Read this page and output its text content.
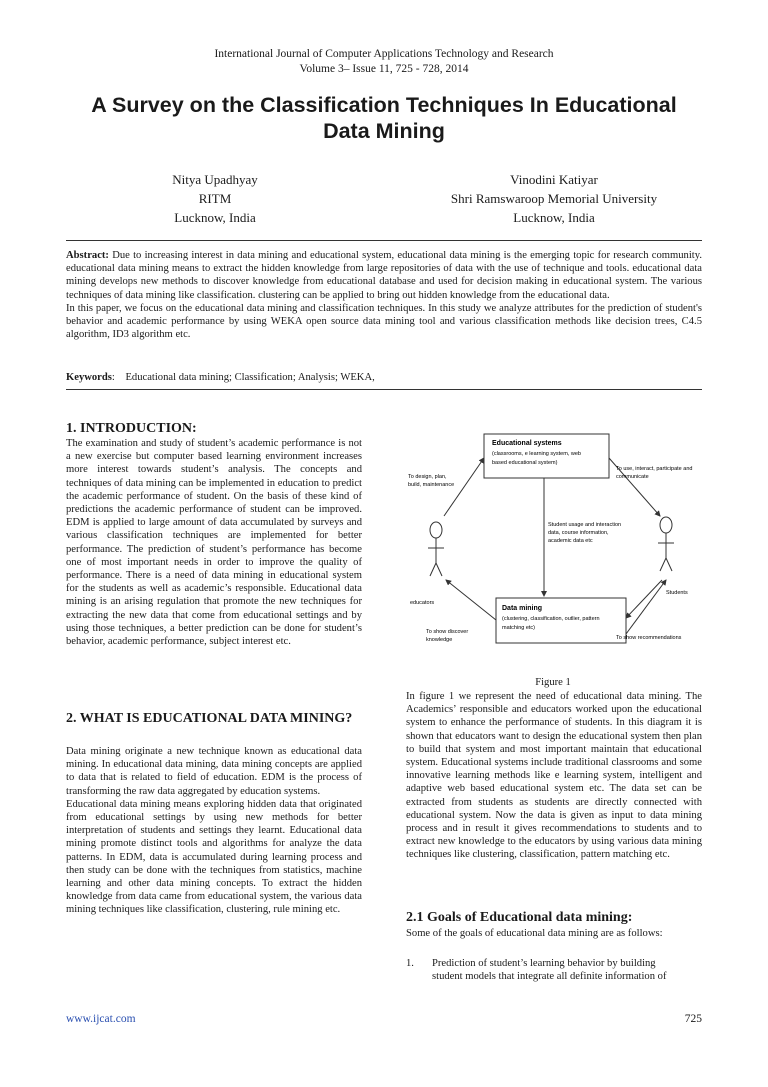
International Journal of Computer Applications Technology and Research
Volume 3– Issue 11, 725 - 728, 2014
A Survey on the Classification Techniques In Educational
Data Mining
Nitya Upadhyay
RITM
Lucknow, India
Vinodini Katiyar
Shri Ramswaroop Memorial University
Lucknow, India

Abstract: Due to increasing interest in data mining and educational system, educational data mining is the emerging topic for research community. educational data mining means to extract the hidden knowledge from large repositories of data with the use of technique and tools. educational data mining develops new methods to discover knowledge from educational database and used for decision making in educational system. The various techniques of data mining like classification. clustering can be applied to bring out hidden knowledge from the educational data.

In this paper, we focus on the educational data mining and classification techniques. In this study we analyze attributes for the prediction of student's behavior and academic performance by using WEKA open source data mining tool and various classification methods like decision trees, C4.5 algorithm, ID3 algorithm etc.

Keywords:    Educational data mining; Classification; Analysis; WEKA,
1. INTRODUCTION:

The examination and study of student’s academic performance is not a new exercise but computer based learning environment increases more interest towards student’s analysis. The concepts and techniques of data mining can be implemented in education to predict the academic performance of student. On the basis of these kind of predictions the academic performance of student can be improved. EDM is applied to large amount of data accumulated by surveys and various classification techniques are implemented for better performance. The prediction of student’s performance has become one of most important needs in order to improve the quality of performance. There is a need of data mining in educational system for the students as well as academic’s responsible. Educational data mining is an arising regulation that promote the new techniques for extracting the new data that come from educational settings and by using those techniques, a better prediction can be done for student’s behavior, academic performance, subject interest etc.

2. WHAT IS EDUCATIONAL DATA MINING?

Data mining originate a new technique known as educational data mining. In educational data mining, data mining concepts are applied to data that is related to field of education. EDM is the process of transforming the raw data aggregated by education systems.

Educational data mining means exploring hidden data that originated from educational settings by using new methods for better interpretation of students and settings they learnt. Educational data mining promote distinct tools and algorithms for analyze the data patterns. In EDM, data is accumulated during learning process and then study can be done with the techniques from statistics, machine learning and other data mining concepts. To extract the hidden knowledge from data came from educational system, the various data mining techniques like classification, clustering, rule mining etc.

Educational systems
(classrooms, e learning system, web
based educational system)
Data mining
(clustering, classification, outlier, pattern
matching etc)
To design, plan,
build, maintenance
To use, interact, participate and
communicate
Student usage and interaction
data, course information,
academic data etc
educators
Students
To show discover
knowledge	To show recommendations
Figure 1

In figure 1 we represent the need of educational data mining. The Academics’ responsible and educators worked upon the educational system to enhance the performance of students. In this diagram it is shown that educators want to design the educational system then plan to build that system and most important maintain that educational system. Educational systems include traditional classrooms and some innovative learning methods like e learning system, intelligent and adaptive web based educational system etc. The data set can be extracted from students as students are directly connected with educational system. Now the data is given as input to data mining process and in result it gives recommendations to students and to extract new knowledge to the educators by using various data mining techniques like clustering, classification, pattern matching etc.

2.1 Goals of Educational data mining:
Some of the goals of educational data mining are as follows:
1.	Prediction of student’s learning behavior by building
student models that integrate all definite information of
www.ijcat.com	725
